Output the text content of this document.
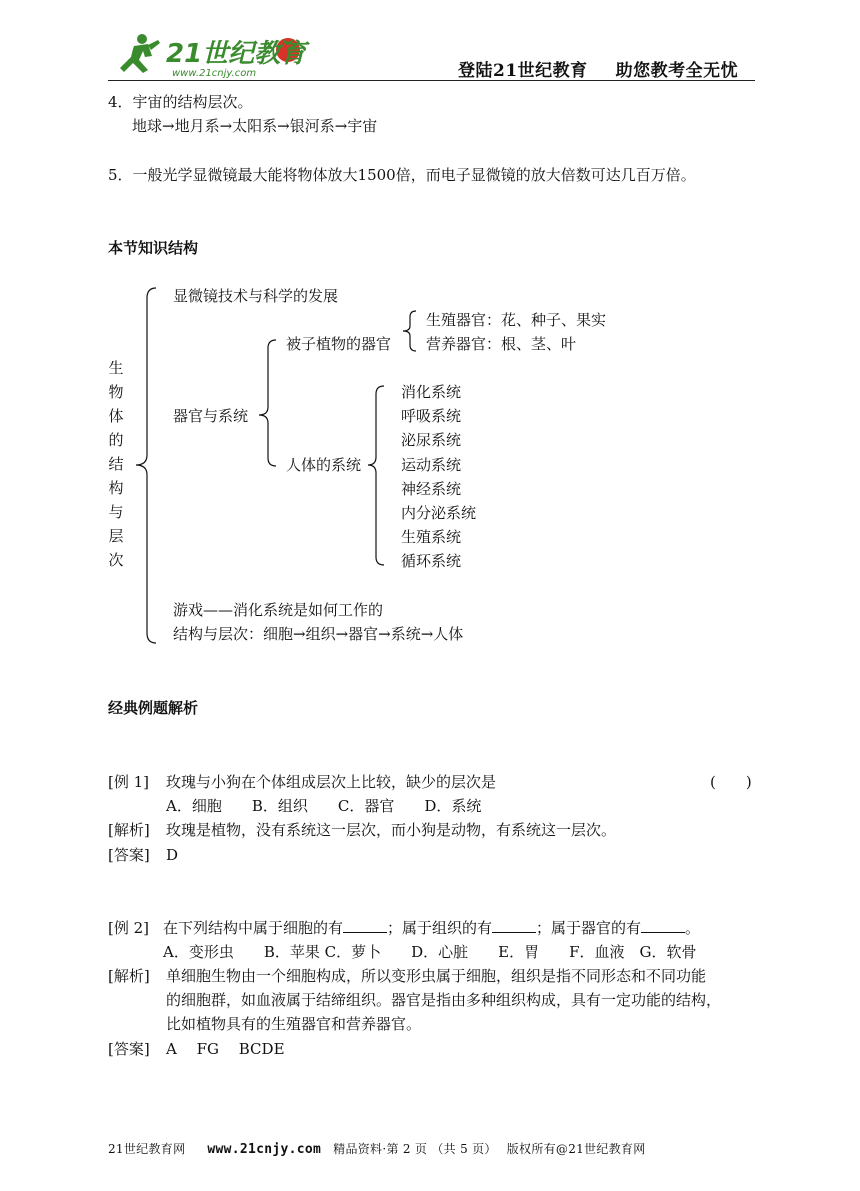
21世纪教育
www.21cnjy.com	登陆21世纪教育 助您教考全无忧
4．宇宙的结构层次。
地球→地月系→太阳系→银河系→宇宙
5．一般光学显微镜最大能将物体放大1500倍，而电子显微镜的放大倍数可达几百万倍。
本节知识结构
生
物
体
的
结
构
与
层
次
显微镜技术与科学的发展
器官与系统
被子植物的器官
生殖器官：花、种子、果实
营养器官：根、茎、叶
人体的系统
消化系统
呼吸系统
泌尿系统
运动系统
神经系统
内分泌系统
生殖系统
循环系统
游戏——消化系统是如何工作的
结构与层次：细胞→组织→器官→系统→人体
经典例题解析
[例 1] 玫瑰与小狗在个体组成层次上比较，缺少的层次是	(　　)
A．细胞　　B．组织　　C．器官　　D．系统
[解析] 玫瑰是植物，没有系统这一层次，而小狗是动物，有系统这一层次。
[答案] D
[例 2] 在下列结构中属于细胞的有	；属于组织的有	；属于器官的有	。
A．变形虫　　B．苹果 C．萝卜　　D．心脏　　E．胃　　F．血液　G．软骨
[解析] 单细胞生物由一个细胞构成，所以变形虫属于细胞，组织是指不同形态和不同功能
的细胞群，如血液属于结缔组织。器官是指由多种组织构成，具有一定功能的结构，
比如植物具有的生殖器官和营养器官。
[答案] A　 FG　 BCDE
21世纪教育网 www.21cnjy.com 精品资料·第 2 页 （共 5 页） 版权所有@21世纪教育网
